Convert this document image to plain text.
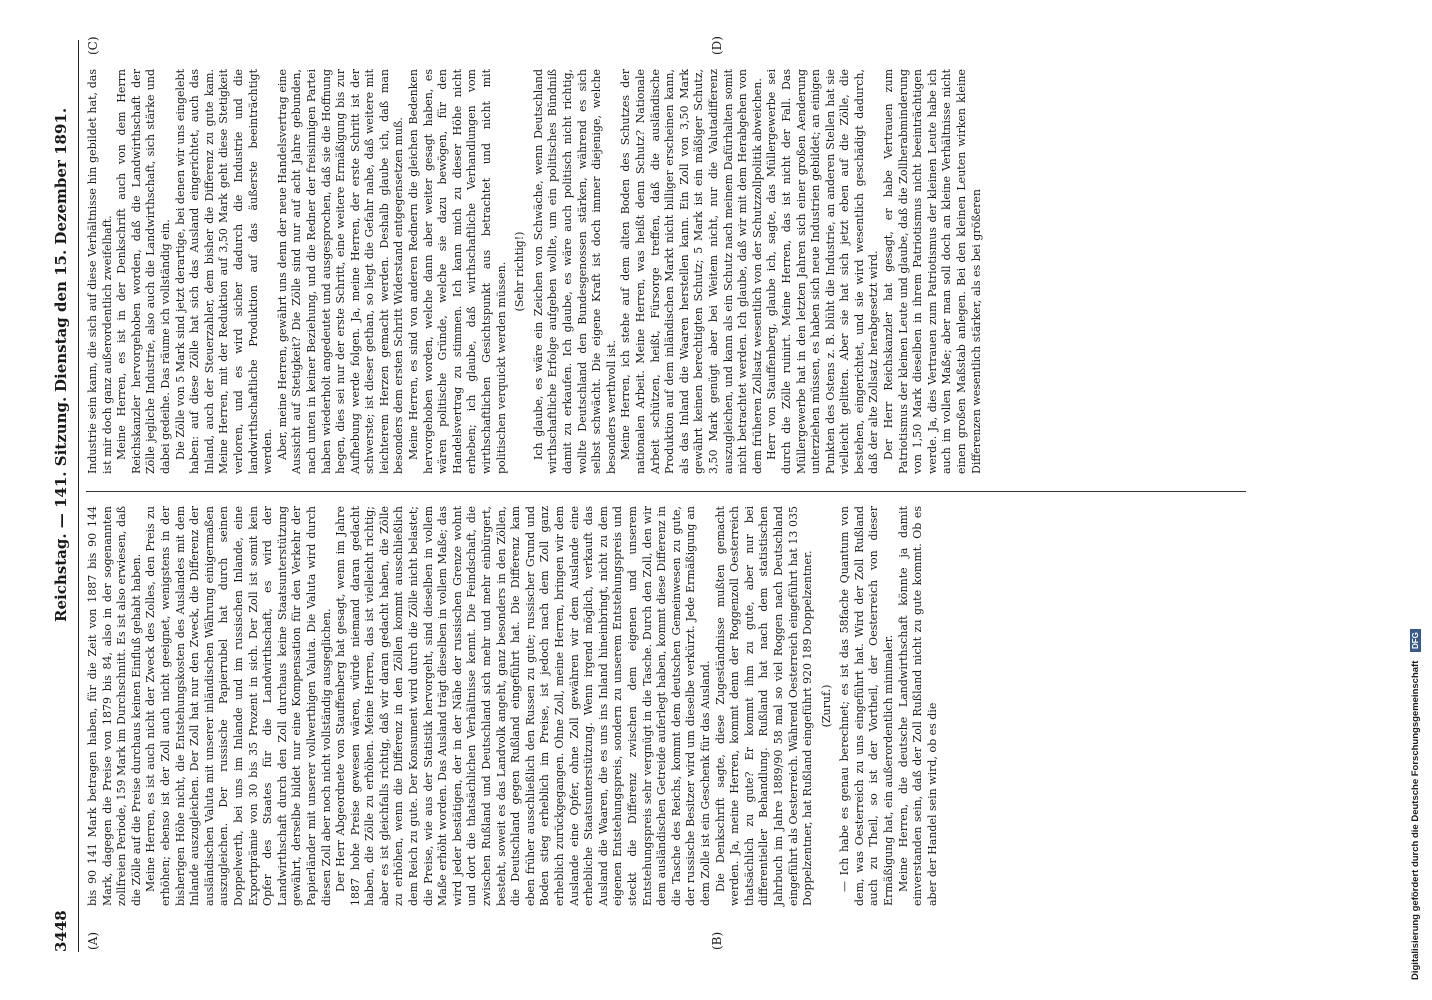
3448
Reichstag. — 141. Sitzung.
Dienstag den 15. Dezember 1891.
(A)	(B)
(C)	(D)

bis 90 141 Mark betragen haben, für die Zeit von 1887 bis 90 144 Mark, dagegen die Preise von 1879 bis 84, also in der sogenannten zollfreien Periode, 159 Mark im Durchschnitt. Es ist also erwiesen, daß die Zölle auf die Preise durchaus keinen Einfluß gehabt haben. Meine Herren, es ist auch nicht der Zweck des Zolles, den Preis zu erhöhen; ebenso ist der Zoll auch nicht geeignet, wenigstens in der bisherigen Höhe nicht, die Entstehungskosten des Auslandes mit dem Inlande auszugleichen. Der Zoll hat nur den Zweck, die Differenz der ausländischen Valuta mit unserer inländischen Währung einigermaßen auszugleichen. Der russische Papierrubel hat durch seinen Doppelwerth, bei uns im Inlande und im russischen Inlande, eine Exportprämie von 30 bis 35 Prozent in sich. Der Zoll ist somit kein Opfer des Staates für die Landwirthschaft, es wird der Landwirthschaft durch den Zoll durchaus keine Staatsunterstützung gewährt, derselbe bildet nur eine Kompensation für den Verkehr der Papierländer mit unserer vollwerthigen Valuta. Die Valuta wird durch diesen Zoll aber noch nicht vollständig ausgeglichen. Der Herr Abgeordnete von Stauffenberg hat gesagt, wenn im Jahre 1887 hohe Preise gewesen wären, würde niemand daran gedacht haben, die Zölle zu erhöhen. Meine Herren, das ist vielleicht richtig; aber es ist gleichfalls richtig, daß wir daran gedacht haben, die Zölle zu erhöhen, wenn die Differenz in den Zöllen kommt ausschließlich dem Reich zu gute. Der Konsument wird durch die Zölle nicht belastet; die Preise, wie aus der Statistik hervorgeht, sind dieselben in vollem Maße erhöht worden. Das Ausland trägt dieselben in vollem Maße; das wird jeder bestätigen, der in der Nähe der russischen Grenze wohnt und dort die thatsächlichen Verhältnisse kennt. Die Feindschaft, die zwischen Rußland und Deutschland sich mehr und mehr einbürgert, besteht, soweit es das Landvolk angeht, ganz besonders in den Zöllen, die Deutschland gegen Rußland eingeführt hat. Die Differenz kam eben früher ausschließlich den Russen zu gute; russischer Grund und Boden stieg erheblich im Preise, ist jedoch nach dem Zoll ganz erheblich zurückgegangen. Ohne Zoll, meine Herren, bringen wir dem Auslande eine Opfer, ohne Zoll gewähren wir dem Auslande eine erhebliche Staatsunterstützung. Wenn irgend möglich, verkauft das Ausland die Waaren, die es uns ins Inland hineinbringt, nicht zu dem eigenen Entstehungspreis, sondern zu unserem Entstehungspreis und steckt die Differenz zwischen dem eigenen und unserem Entstehungspreis sehr vergnügt in die Tasche. Durch den Zoll, den wir dem ausländischen Getreide auferlegt haben, kommt diese Differenz in die Tasche des Reichs, kommt dem deutschen Gemeinwesen zu gute, der russische Besitzer wird um dieselbe verkürzt. Jede Ermäßigung an dem Zolle ist ein Geschenk für das Ausland. Die Denkschrift sagte, diese Zugeständnisse mußten gemacht werden. Ja, meine Herren, kommt denn der Roggenzoll Oesterreich thatsächlich zu gute? Er kommt ihm zu gute, aber nur bei differentieller Behandlung. Rußland hat nach dem statistischen Jahrbuch im Jahre 1889/90 58 mal so viel Roggen nach Deutschland eingeführt als Oesterreich. Während Oesterreich eingeführt hat 13 035 Doppelzentner, hat Rußland eingeführt 920 189 Doppelzentner. (Zuruf.) — Ich habe es genau berechnet; es ist das 58fache Quantum von dem, was Oesterreich zu uns eingeführt hat. Wird der Zoll Rußland auch zu Theil, so ist der Vortheil, der Oesterreich von dieser Ermäßigung hat, ein außerordentlich minimaler. Meine Herren, die deutsche Landwirthschaft könnte ja damit einverstanden sein, daß der Zoll Rußland nicht zu gute kommt. Ob es aber der Handel sein wird, ob es die

Industrie sein kann, die sich auf diese Verhältnisse hin gebildet hat, das ist mir doch ganz außerordentlich zweifelhaft. Meine Herren, es ist in der Denkschrift auch von dem Herrn Reichskanzler hervorgehoben worden, daß die Landwirthschaft der Zölle jegliche Industrie, also auch die Landwirthschaft, sich stärke und dabei gedeihe. Das räume ich vollständig ein. Die Zölle von 5 Mark sind jetzt derartige, bei denen wir uns eingelebt haben: auf diese Zölle hat sich das Ausland eingerichtet, auch das Inland, auch der Steuerzahler, dem bisher die Differenz zu gute kam. Meine Herren, mit der Reduktion auf 3,50 Mark geht diese Stetigkeit verloren, und es wird sicher dadurch die Industrie und die landwirthschaftliche Produktion auf das äußerste beeinträchtigt werden. Aber, meine Herren, gewährt uns denn der neue Handelsvertrag eine Aussicht auf Stetigkeit? Die Zölle sind nur auf acht Jahre gebunden, nach unten in keiner Beziehung, und die Redner der freisinnigen Partei haben wiederholt angedeutet und ausgesprochen, daß sie die Hoffnung hegen, dies sei nur der erste Schritt, eine weitere Ermäßigung bis zur Aufhebung werde folgen. Ja, meine Herren, der erste Schritt ist der schwerste; ist dieser gethan, so liegt die Gefahr nahe, daß weitere mit leichterem Herzen gemacht werden. Deshalb glaube ich, daß man besonders dem ersten Schritt Widerstand entgegensetzen muß. Meine Herren, es sind von anderen Rednern die gleichen Bedenken hervorgehoben worden, welche dann aber weiter gesagt haben, es wären politische Gründe, welche sie dazu bewögen, für den Handelsvertrag zu stimmen. Ich kann mich zu dieser Höhe nicht erheben; ich glaube, daß wirthschaftliche Verhandlungen vom wirthschaftlichen Gesichtspunkt aus betrachtet und nicht mit politischen verquickt werden müssen. (Sehr richtig!) Ich glaube, es wäre ein Zeichen von Schwäche, wenn Deutschland wirthschaftliche Erfolge aufgeben wollte, um ein politisches Bündniß damit zu erkaufen. Ich glaube, es wäre auch politisch nicht richtig, wollte Deutschland den Bundesgenossen stärken, während es sich selbst schwächt. Die eigene Kraft ist doch immer diejenige, welche besonders werthvoll ist. Meine Herren, ich stehe auf dem alten Boden des Schutzes der nationalen Arbeit. Meine Herren, was heißt denn Schutz? Nationale Arbeit schützen, heißt, Fürsorge treffen, daß die ausländische Produktion auf dem inländischen Markt nicht billiger erscheinen kann, als das Inland die Waaren herstellen kann. Ein Zoll von 3,50 Mark gewährt keinen berechtigten Schutz; 5 Mark ist ein mäßiger Schutz, 3,50 Mark genügt aber bei Weitem nicht, nur die Valutadifferenz auszugleichen, und kann als ein Schutz nach meinem Dafürhalten somit nicht betrachtet werden. Ich glaube, daß wir mit dem Herabgehen von dem früheren Zollsatz wesentlich von der Schutzzollpolitik abweichen. Herr von Stauffenberg, glaube ich, sagte, das Müllergewerbe sei durch die Zölle ruinirt. Meine Herren, das ist nicht der Fall. Das Müllergewerbe hat in den letzten Jahren sich einer großen Aenderung unterziehen müssen, es haben sich neue Industrien gebildet; an einigen Punkten des Ostens z. B. blüht die Industrie, an anderen Stellen hat sie vielleicht gelitten. Aber sie hat sich jetzt eben auf die Zölle, die bestehen, eingerichtet, und sie wird wesentlich geschädigt dadurch, daß der alte Zollsatz herabgesetzt wird. Der Herr Reichskanzler hat gesagt, er habe Vertrauen zum Patriotismus der kleinen Leute und glaube, daß die Zollherabminderung von 1,50 Mark dieselben in ihrem Patriotismus nicht beeinträchtigen werde. Ja, dies Vertrauen zum Patriotismus der kleinen Leute habe ich auch im vollen Maße; aber man soll doch an kleine Verhältnisse nicht einen großen Maßstab anlegen. Bei den kleinen Leuten wirken kleine Differenzen wesentlich stärker, als es bei größeren

Digitalisierung gefördert durch die Deutsche Forschungsgemeinschaft DFG
